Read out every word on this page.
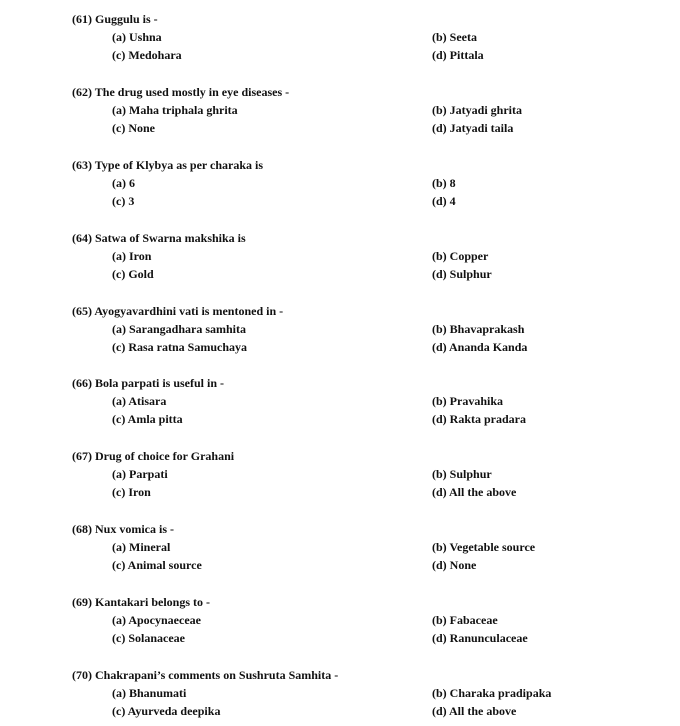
(61) Guggulu is -
(a) Ushna	(b) Seeta
(c) Medohara	(d) Pittala
(62) The drug used mostly in eye diseases -
(a) Maha triphala ghrita	(b) Jatyadi ghrita
(c) None	(d) Jatyadi taila
(63) Type of Klybya as per charaka is
(a) 6	(b) 8
(c) 3	(d) 4
(64) Satwa of Swarna makshika is
(a) Iron	(b) Copper
(c) Gold	(d) Sulphur
(65) Ayogyavardhini vati is mentoned in -
(a) Sarangadhara samhita	(b) Bhavaprakash
(c) Rasa ratna Samuchaya	(d) Ananda Kanda
(66) Bola parpati is useful in -
(a) Atisara	(b) Pravahika
(c) Amla pitta	(d) Rakta pradara
(67) Drug of choice for Grahani
(a) Parpati	(b) Sulphur
(c) Iron	(d) All the above
(68) Nux vomica is -
(a) Mineral	(b) Vegetable source
(c) Animal source	(d) None
(69) Kantakari belongs to -
(a) Apocynaeceae	(b) Fabaceae
(c) Solanaceae	(d) Ranunculaceae
(70) Chakrapani’s comments on Sushruta Samhita -
(a) Bhanumati	(b) Charaka pradipaka
(c) Ayurveda deepika	(d) All the above
